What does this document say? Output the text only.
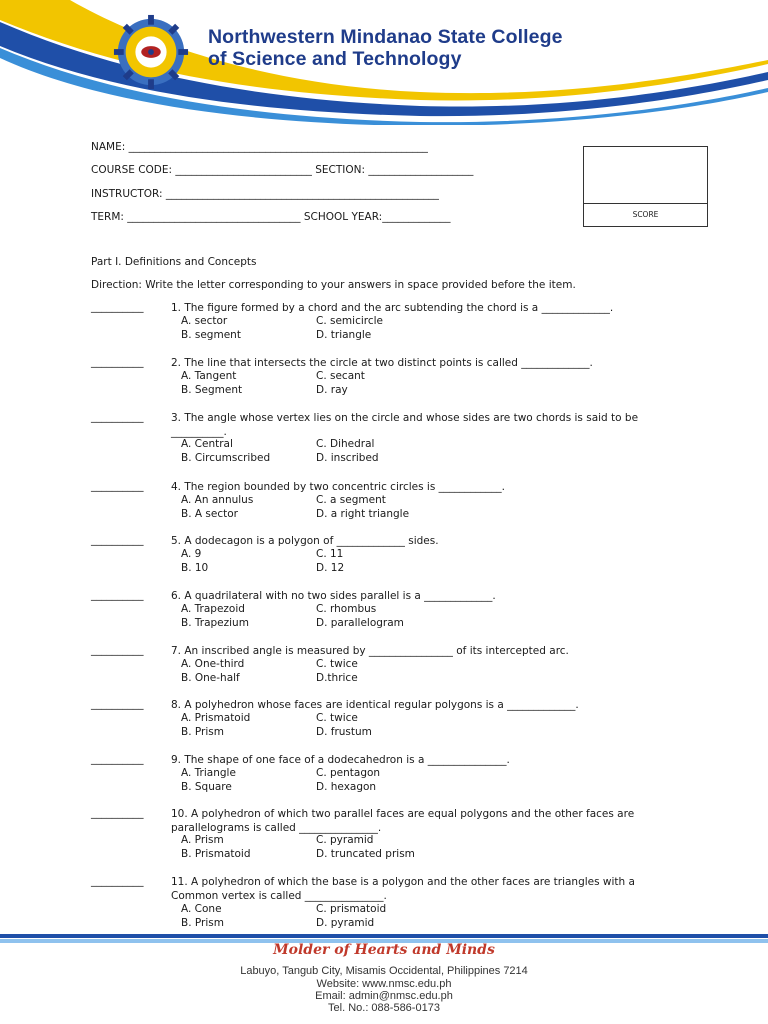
Northwestern Mindanao State College
of Science and Technology
NAME: _________________________________________________________
COURSE CODE: __________________________ SECTION: ____________________
INSTRUCTOR: ____________________________________________________
TERM: _________________________________ SCHOOL YEAR:_____________	SCORE
Part I. Definitions and Concepts
Direction: Write the letter corresponding to your answers in space provided before the item.
__________	1. The figure formed by a chord and the arc subtending the chord is a _____________.
A. sector	C. semicircle
B. segment	D. triangle
__________	2. The line that intersects the circle at two distinct points is called _____________.
A. Tangent	C. secant
B. Segment	D. ray
__________	3. The angle whose vertex lies on the circle and whose sides are two chords is said to be __________.
A. Central	C. Dihedral
B. Circumscribed	D. inscribed
__________	4. The region bounded by two concentric circles is ____________.
A. An annulus	C. a segment
B. A sector	D. a right triangle
__________	5. A dodecagon is a polygon of _____________ sides.
A. 9	C. 11
B. 10	D. 12
__________	6. A quadrilateral with no two sides parallel is a _____________.
A. Trapezoid	C. rhombus
B. Trapezium	D. parallelogram
__________	7. An inscribed angle is measured by ________________ of its intercepted arc.
A. One-third	C. twice
B. One-half	D.thrice
__________	8. A polyhedron whose faces are identical regular polygons is a _____________.
A. Prismatoid	C. twice
B. Prism	D. frustum
__________	9. The shape of one face of a dodecahedron is a _______________.
A. Triangle	C. pentagon
B. Square	D. hexagon
__________	10. A polyhedron of which two parallel faces are equal polygons and the other faces are parallelograms is called _______________.
A. Prism	C. pyramid
B. Prismatoid	D. truncated prism
__________	11. A polyhedron of which the base is a polygon and the other faces are triangles with a Common vertex is called _______________.
A. Cone	C. prismatoid
B. Prism	D. pyramid
Molder of Hearts and Minds
Labuyo, Tangub City, Misamis Occidental, Philippines 7214
Website: www.nmsc.edu.ph
Email: admin@nmsc.edu.ph
Tel. No.: 088-586-0173
